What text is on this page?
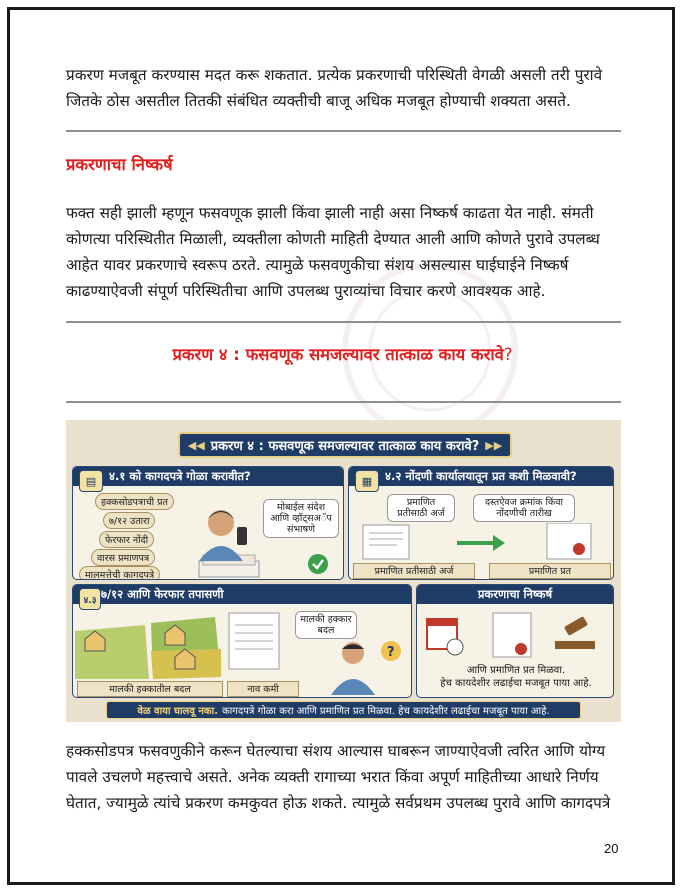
प्रकरण मजबूत करण्यास मदत करू शकतात. प्रत्येक प्रकरणाची परिस्थिती वेगळी असली तरी पुरावे जितके ठोस असतील तितकी संबंधित व्यक्तीची बाजू अधिक मजबूत होण्याची शक्यता असते.

प्रकरणाचा निष्कर्ष

फक्त सही झाली म्हणून फसवणूक झाली किंवा झाली नाही असा निष्कर्ष काढता येत नाही. संमती कोणत्या परिस्थितीत मिळाली, व्यक्तीला कोणती माहिती देण्यात आली आणि कोणते पुरावे उपलब्ध आहेत यावर प्रकरणाचे स्वरूप ठरते. त्यामुळे फसवणुकीचा संशय असल्यास घाईघाईने निष्कर्ष काढण्याऐवजी संपूर्ण परिस्थितीचा आणि उपलब्ध पुराव्यांचा विचार करणे आवश्यक आहे.

प्रकरण ४ : फसवणूक समजल्यावर तात्काळ काय करावे?
◀◀ प्रकरण ४ : फसवणूक समजल्यावर तात्काळ काय करावे? ▶▶
४.१ को कागदपत्रे गोळा करावीत?
▤
हक्कसोडपत्राची प्रत
७/१२ उतारा
फेरफार नोंदी
वारस प्रमाणपत्र
मालमत्तेची कागदपत्रे
मोबाईल संदेश आणि व्हॉट्सअॅप संभाषणे
४.२ नोंदणी कार्यालयातून प्रत कशी मिळवावी?
▦
प्रमाणित प्रतीसाठी अर्ज
दस्तऐवज क्रमांक किंवा नोंदणीची तारीख
प्रमाणित प्रतीसाठी अर्ज	प्रमाणित प्रत
७/१२ आणि फेरफार तपासणी
४.३
मालकी हक्कार बदल
?
मालकी हक्कातील बदल	नाव कमी
प्रकरणाचा निष्कर्ष
आणि प्रमाणित प्रत मिळवा.
हेच कायदेशीर लढाईचा मजबूत पाया आहे.
वेळ वाया घालवू नका. कागदपत्रे गोळा करा आणि प्रमाणित प्रत मिळवा. हेच कायदेशीर लढाईचा मजबूत पाया आहे.

हक्कसोडपत्र फसवणुकीने करून घेतल्याचा संशय आल्यास घाबरून जाण्याऐवजी त्वरित आणि योग्य पावले उचलणे महत्त्वाचे असते. अनेक व्यक्ती रागाच्या भरात किंवा अपूर्ण माहितीच्या आधारे निर्णय घेतात, ज्यामुळे त्यांचे प्रकरण कमकुवत होऊ शकते. त्यामुळे सर्वप्रथम उपलब्ध पुरावे आणि कागदपत्रे

20
